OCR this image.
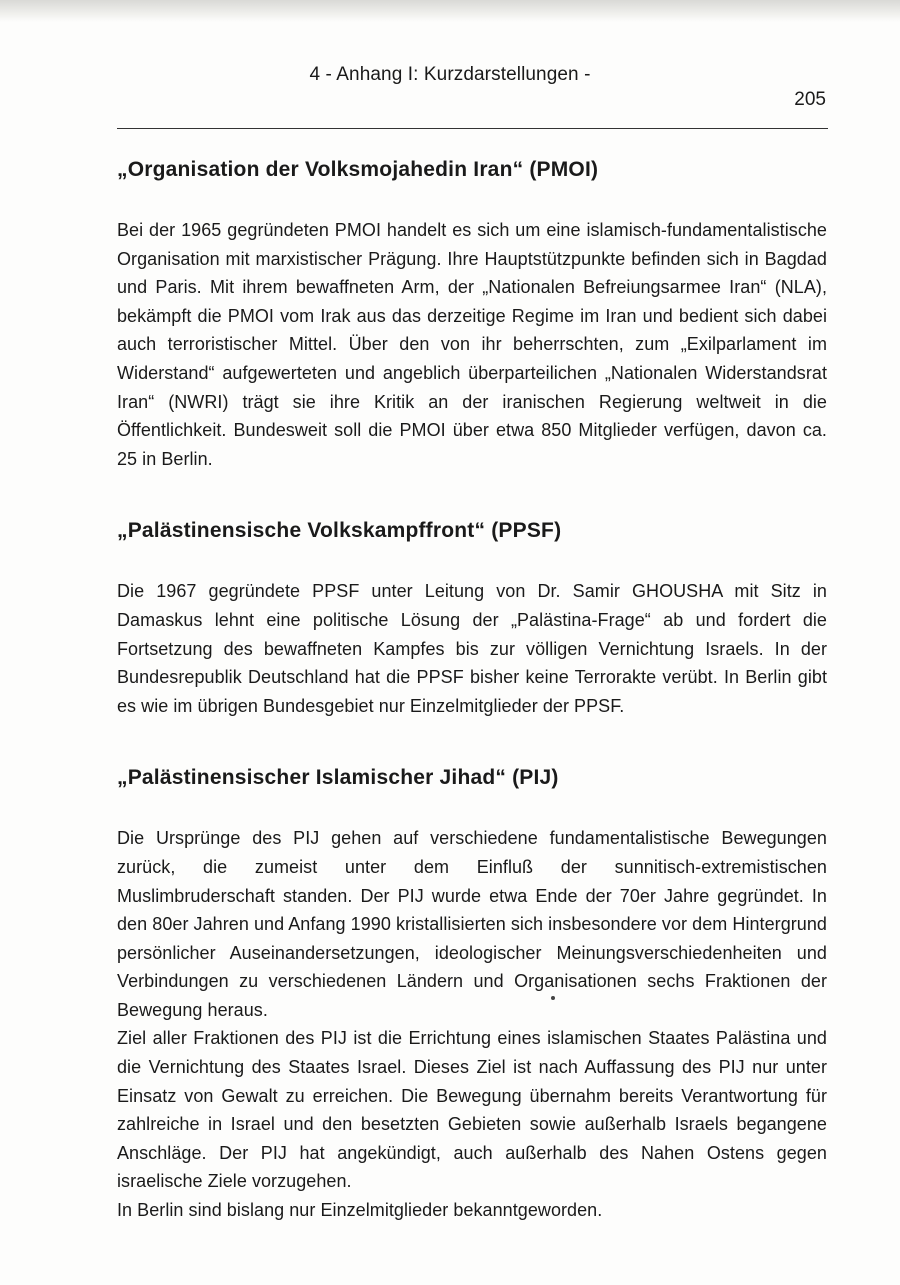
4 - Anhang I: Kurzdarstellungen -
205
„Organisation der Volksmojahedin Iran“ (PMOI)

Bei der 1965 gegründeten PMOI handelt es sich um eine islamisch-fundamentalistische Organisation mit marxistischer Prägung. Ihre Hauptstützpunkte befinden sich in Bagdad und Paris. Mit ihrem bewaffneten Arm, der „Nationalen Befreiungsarmee Iran“ (NLA), bekämpft die PMOI vom Irak aus das derzeitige Regime im Iran und bedient sich dabei auch terroristischer Mittel. Über den von ihr beherrschten, zum „Exilparlament im Widerstand“ aufgewerteten und angeblich überparteilichen „Nationalen Widerstandsrat Iran“ (NWRI) trägt sie ihre Kritik an der iranischen Regierung weltweit in die Öffentlichkeit. Bundesweit soll die PMOI über etwa 850 Mitglieder verfügen, davon ca. 25 in Berlin.

„Palästinensische Volkskampffront“ (PPSF)

Die 1967 gegründete PPSF unter Leitung von Dr. Samir GHOUSHA mit Sitz in Damaskus lehnt eine politische Lösung der „Palästina-Frage“ ab und fordert die Fortsetzung des bewaffneten Kampfes bis zur völligen Vernichtung Israels. In der Bundesrepublik Deutschland hat die PPSF bisher keine Terrorakte verübt. In Berlin gibt es wie im übrigen Bundesgebiet nur Einzelmitglieder der PPSF.

„Palästinensischer Islamischer Jihad“ (PIJ)

Die Ursprünge des PIJ gehen auf verschiedene fundamentalistische Bewegungen zurück, die zumeist unter dem Einfluß der sunnitisch-extremistischen Muslimbruderschaft standen. Der PIJ wurde etwa Ende der 70er Jahre gegründet. In den 80er Jahren und Anfang 1990 kristallisierten sich insbesondere vor dem Hintergrund persönlicher Auseinandersetzungen, ideologischer Meinungsverschiedenheiten und Verbindungen zu verschiedenen Ländern und Organisationen sechs Fraktionen der Bewegung heraus.

Ziel aller Fraktionen des PIJ ist die Errichtung eines islamischen Staates Palästina und die Vernichtung des Staates Israel. Dieses Ziel ist nach Auffassung des PIJ nur unter Einsatz von Gewalt zu erreichen. Die Bewegung übernahm bereits Verantwortung für zahlreiche in Israel und den besetzten Gebieten sowie außerhalb Israels begangene Anschläge. Der PIJ hat angekündigt, auch außerhalb des Nahen Ostens gegen israelische Ziele vorzugehen.

In Berlin sind bislang nur Einzelmitglieder bekanntgeworden.
